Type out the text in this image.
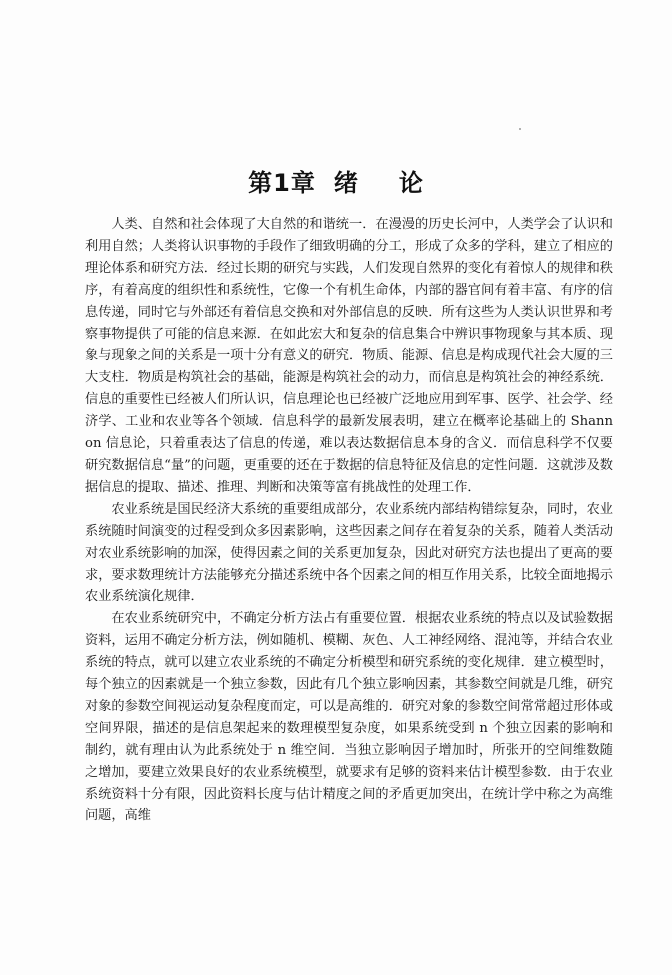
第1章 绪 论

人类、自然和社会体现了大自然的和谐统一．在漫漫的历史长河中，人类学会了认识和利用自然；人类将认识事物的手段作了细致明确的分工，形成了众多的学科，建立了相应的理论体系和研究方法．经过长期的研究与实践，人们发现自然界的变化有着惊人的规律和秩序，有着高度的组织性和系统性，它像一个有机生命体，内部的器官间有着丰富、有序的信息传递，同时它与外部还有着信息交换和对外部信息的反映．所有这些为人类认识世界和考察事物提供了可能的信息来源．在如此宏大和复杂的信息集合中辨识事物现象与其本质、现象与现象之间的关系是一项十分有意义的研究．物质、能源、信息是构成现代社会大厦的三大支柱．物质是构筑社会的基础，能源是构筑社会的动力，而信息是构筑社会的神经系统．信息的重要性已经被人们所认识，信息理论也已经被广泛地应用到军事、医学、社会学、经济学、工业和农业等各个领域．信息科学的最新发展表明，建立在概率论基础上的 Shannon 信息论，只着重表达了信息的传递，难以表达数据信息本身的含义．而信息科学不仅要研究数据信息“量”的问题，更重要的还在于数据的信息特征及信息的定性问题．这就涉及数据信息的提取、描述、推理、判断和决策等富有挑战性的处理工作．

农业系统是国民经济大系统的重要组成部分，农业系统内部结构错综复杂，同时，农业系统随时间演变的过程受到众多因素影响，这些因素之间存在着复杂的关系，随着人类活动对农业系统影响的加深，使得因素之间的关系更加复杂，因此对研究方法也提出了更高的要求，要求数理统计方法能够充分描述系统中各个因素之间的相互作用关系，比较全面地揭示农业系统演化规律．

在农业系统研究中，不确定分析方法占有重要位置．根据农业系统的特点以及试验数据资料，运用不确定分析方法，例如随机、模糊、灰色、人工神经网络、混沌等，并结合农业系统的特点，就可以建立农业系统的不确定分析模型和研究系统的变化规律．建立模型时，每个独立的因素就是一个独立参数，因此有几个独立影响因素，其参数空间就是几维，研究对象的参数空间视运动复杂程度而定，可以是高维的．研究对象的参数空间常常超过形体或空间界限，描述的是信息架起来的数理模型复杂度，如果系统受到 n 个独立因素的影响和制约，就有理由认为此系统处于 n 维空间．当独立影响因子增加时，所张开的空间维数随之增加，要建立效果良好的农业系统模型，就要求有足够的资料来估计模型参数．由于农业系统资料十分有限，因此资料长度与估计精度之间的矛盾更加突出，在统计学中称之为高维问题，高维
